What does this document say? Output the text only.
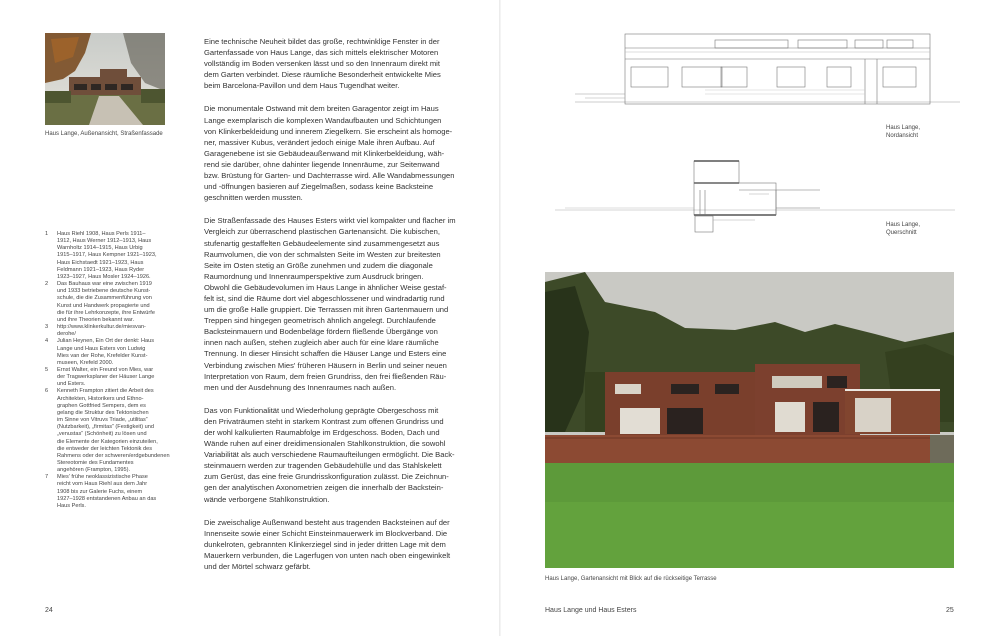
Haus Lange, Außenansicht, Straßenfassade
1	Haus Riehl 1908, Haus Perls 1911–
1912, Haus Werner 1912–1913, Haus
Warnholtz 1914–1915, Haus Urbig
1915–1917, Haus Kempner 1921–1923,
Haus Eichstaedt 1921–1923, Haus
Feldmann 1921–1923, Haus Ryder
1923–1927, Haus Mosler 1924–1926.
2	Das Bauhaus war eine zwischen 1919
und 1933 betriebene deutsche Kunst-
schule, die die Zusammenführung von
Kunst und Handwerk propagierte und
die für ihre Lehrkonzepte, ihre Entwürfe
und ihre Theorien bekannt war.
3	http://www.klinkerkultur.de/miesvan-
derohe/
4	Julian Heynen, Ein Ort der denkt: Haus
Lange und Haus Esters von Ludwig
Mies van der Rohe, Krefelder Kunst-
museen, Krefeld 2000.
5	Ernst Walter, ein Freund von Mies, war
der Tragwerksplaner der Häuser Lange
und Esters.
6	Kenneth Frampton zitiert die Arbeit des
Architekten, Historikers und Ethno-
graphen Gottfried Sempers, dem es
gelang die Struktur des Tektonischen
im Sinne von Vitruvs Triade, „utilitas“
(Nutzbarkeit), „firmitas“ (Festigkeit) und
„venustas“ (Schönheit) zu lösen und
die Elemente der Kategorien einzuteilen,
die entweder der leichten Tektonik des
Rahmens oder der schweren/erdgebundenen
Stereotomie des Fundamentes
angehören (Frampton, 1995).
7	Mies' frühe neoklassizistische Phase
reicht vom Haus Riehl aus dem Jahr
1908 bis zur Galerie Fuchs, einem
1927–1928 entstandenen Anbau an das
Haus Perls.

Eine technische Neuheit bildet das große, rechtwinklige Fenster in der
Gartenfassade von Haus Lange, das sich mittels elektrischer Motoren
vollständig im Boden versenken lässt und so den Innenraum direkt mit
dem Garten verbindet. Diese räumliche Besonderheit entwickelte Mies
beim Barcelona-Pavillon und dem Haus Tugendhat weiter.

Die monumentale Ostwand mit dem breiten Garagentor zeigt im Haus
Lange exemplarisch die komplexen Wandaufbauten und Schichtungen
von Klinkerbekleidung und innerem Ziegelkern. Sie erscheint als homoge-
ner, massiver Kubus, verändert jedoch einige Male ihren Aufbau. Auf
Garagenebene ist sie Gebäudeaußenwand mit Klinkerbekleidung, wäh-
rend sie darüber, ohne dahinter liegende Innenräume, zur Seitenwand
bzw. Brüstung für Garten- und Dachterrasse wird. Alle Wandabmessungen
und -öffnungen basieren auf Ziegelmaßen, sodass keine Backsteine
geschnitten werden mussten.

Die Straßenfassade des Hauses Esters wirkt viel kompakter und flacher im
Vergleich zur überraschend plastischen Gartenansicht. Die kubischen,
stufenartig gestaffelten Gebäudeelemente sind zusammengesetzt aus
Raumvolumen, die von der schmalsten Seite im Westen zur breitesten
Seite im Osten stetig an Größe zunehmen und zudem die diagonale
Raumordnung und Innenraumperspektive zum Ausdruck bringen.
Obwohl die Gebäudevolumen im Haus Lange in ähnlicher Weise gestaf-
felt ist, sind die Räume dort viel abgeschlossener und windradartig rund
um die große Halle gruppiert. Die Terrassen mit ihren Gartenmauern und
Treppen sind hingegen geometrisch ähnlich angelegt. Durchlaufende
Backsteinmauern und Bodenbeläge fördern fließende Übergänge von
innen nach außen, stehen zugleich aber auch für eine klare räumliche
Trennung. In dieser Hinsicht schaffen die Häuser Lange und Esters eine
Verbindung zwischen Mies' früheren Häusern in Berlin und seiner neuen
Interpretation von Raum, dem freien Grundriss, den frei fließenden Räu-
men und der Ausdehnung des Innenraumes nach außen.

Das von Funktionalität und Wiederholung geprägte Obergeschoss mit
den Privaträumen steht in starkem Kontrast zum offenen Grundriss und
der wohl kalkulierten Raumabfolge im Erdgeschoss. Boden, Dach und
Wände ruhen auf einer dreidimensionalen Stahlkonstruktion, die sowohl
Variabilität als auch verschiedene Raumaufteilungen ermöglicht. Die Back-
steinmauern werden zur tragenden Gebäudehülle und das Stahlskelett
zum Gerüst, das eine freie Grundrisskonfiguration zulässt. Die Zeichnun-
gen der analytischen Axonometrien zeigen die innerhalb der Backstein-
wände verborgene Stahlkonstruktion.

Die zweischalige Außenwand besteht aus tragenden Backsteinen auf der
Innenseite sowie einer Schicht Einsteinmauerwerk im Blockverband. Die
dunkelroten, gebrannten Klinkerziegel sind in jeder dritten Lage mit dem
Mauerkern verbunden, die Lagerfugen von unten nach oben eingewinkelt
und der Mörtel schwarz gefärbt.

24
Haus Lange,
Nordansicht
Haus Lange,
Querschnitt
Haus Lange, Gartenansicht mit Blick auf die rückseitige Terrasse
Haus Lange und Haus Esters	25
